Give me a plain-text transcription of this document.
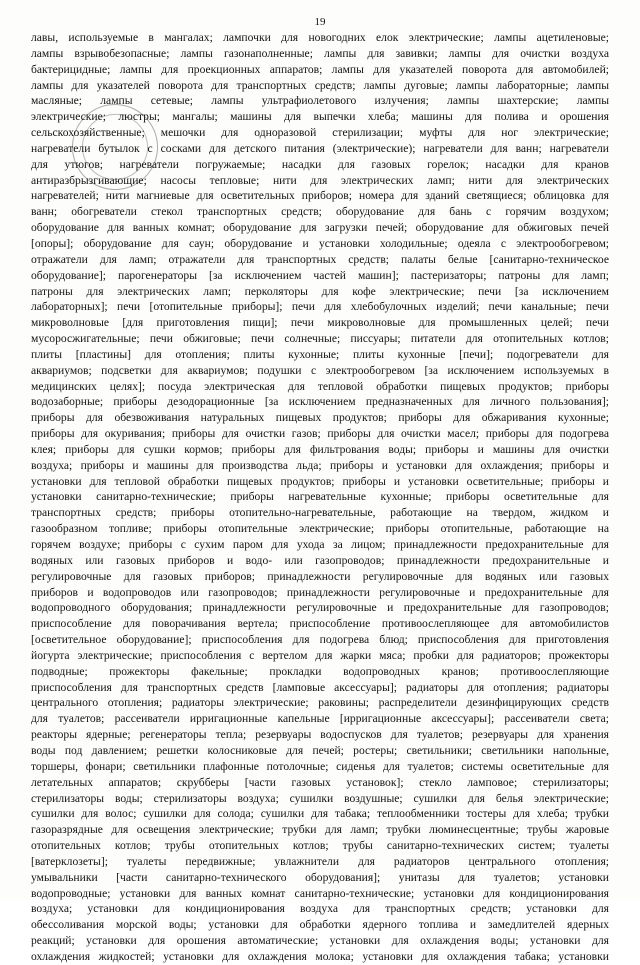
19
лавы, используемые в мангалах; лампочки для новогодних елок электрические; лампы ацетиленовые;
лампы взрывобезопасные; лампы газонаполненные; лампы для завивки; лампы для очистки воздуха
бактерицидные; лампы для проекционных аппаратов; лампы для указателей поворота для автомобилей;
лампы для указателей поворота для транспортных средств; лампы дуговые; лампы лабораторные; лампы
масляные; лампы сетевые; лампы ультрафиолетового излучения; лампы шахтерские; лампы
электрические; люстры; мангалы; машины для выпечки хлеба; машины для полива и орошения
сельскохозяйственные; мешочки для одноразовой стерилизации; муфты для ног электрические;
нагреватели бутылок с сосками для детского питания (электрические); нагреватели для ванн; нагреватели
для утюгов; нагреватели погружаемые; насадки для газовых горелок; насадки для кранов
антиразбрызгивающие; насосы тепловые; нити для электрических ламп; нити для электрических
нагревателей; нити магниевые для осветительных приборов; номера для зданий светящиеся; облицовка для
ванн; обогреватели стекол транспортных средств; оборудование для бань с горячим воздухом;
оборудование для ванных комнат; оборудование для загрузки печей; оборудование для обжиговых печей
[опоры]; оборудование для саун; оборудование и установки холодильные; одеяла с электрообогревом;
отражатели для ламп; отражатели для транспортных средств; палаты белые [санитарно-техническое
оборудование]; парогенераторы [за исключением частей машин]; пастеризаторы; патроны для ламп;
патроны для электрических ламп; перколяторы для кофе электрические; печи [за исключением
лабораторных]; печи [отопительные приборы]; печи для хлебобулочных изделий; печи канальные; печи
микроволновые [для приготовления пищи]; печи микроволновые для промышленных целей; печи
мусоросжигательные; печи обжиговые; печи солнечные; писсуары; питатели для отопительных котлов;
плиты [пластины] для отопления; плиты кухонные; плиты кухонные [печи]; подогреватели для
аквариумов; подсветки для аквариумов; подушки с электрообогревом [за исключением используемых в
медицинских целях]; посуда электрическая для тепловой обработки пищевых продуктов; приборы
водозаборные; приборы дезодорационные [за исключением предназначенных для личного пользования];
приборы для обезвоживания натуральных пищевых продуктов; приборы для обжаривания кухонные;
приборы для окуривания; приборы для очистки газов; приборы для очистки масел; приборы для подогрева
клея; приборы для сушки кормов; приборы для фильтрования воды; приборы и машины для очистки
воздуха; приборы и машины для производства льда; приборы и установки для охлаждения; приборы и
установки для тепловой обработки пищевых продуктов; приборы и установки осветительные; приборы и
установки санитарно-технические; приборы нагревательные кухонные; приборы осветительные для
транспортных средств; приборы отопительно-нагревательные, работающие на твердом, жидком и
газообразном топливе; приборы отопительные электрические; приборы отопительные, работающие на
горячем воздухе; приборы с сухим паром для ухода за лицом; принадлежности предохранительные для
водяных или газовых приборов и водо- или газопроводов; принадлежности предохранительные и
регулировочные для газовых приборов; принадлежности регулировочные для водяных или газовых
приборов и водопроводов или газопроводов; принадлежности регулировочные и предохранительные для
водопроводного оборудования; принадлежности регулировочные и предохранительные для газопроводов;
приспособление для поворачивания вертела; приспособление противоослепляющее для автомобилистов
[осветительное оборудование]; приспособления для подогрева блюд; приспособления для приготовления
йогурта электрические; приспособления с вертелом для жарки мяса; пробки для радиаторов; прожекторы
подводные; прожекторы факельные; прокладки водопроводных кранов; противоослепляющие
приспособления для транспортных средств [ламповые аксессуары]; радиаторы для отопления; радиаторы
центрального отопления; радиаторы электрические; раковины; распределители дезинфицирующих средств
для туалетов; рассеиватели ирригационные капельные [ирригационные аксессуары]; рассеиватели света;
реакторы ядерные; регенераторы тепла; резервуары водоспусков для туалетов; резервуары для хранения
воды под давлением; решетки колосниковые для печей; ростеры; светильники; светильники напольные,
торшеры, фонари; светильники плафонные потолочные; сиденья для туалетов; системы осветительные для
летательных аппаратов; скрубберы [части газовых установок]; стекло ламповое; стерилизаторы;
стерилизаторы воды; стерилизаторы воздуха; сушилки воздушные; сушилки для белья электрические;
сушилки для волос; сушилки для солода; сушилки для табака; теплообменники тостеры для хлеба; трубки
газоразрядные для освещения электрические; трубки для ламп; трубки люминесцентные; трубы жаровые
отопительных котлов; трубы отопительных котлов; трубы санитарно-технических систем; туалеты
[ватерклозеты]; туалеты передвижные; увлажнители для радиаторов центрального отопления;
умывальники [части санитарно-технического оборудования]; унитазы для туалетов; установки
водопроводные; установки для ванных комнат санитарно-технические; установки для кондиционирования
воздуха; установки для кондиционирования воздуха для транспортных средств; установки для
обессоливания морской воды; установки для обработки ядерного топлива и замедлителей ядерных
реакций; установки для орошения автоматические; установки для охлаждения воды; установки для
охлаждения жидкостей; установки для охлаждения молока; установки для охлаждения табака; установки
